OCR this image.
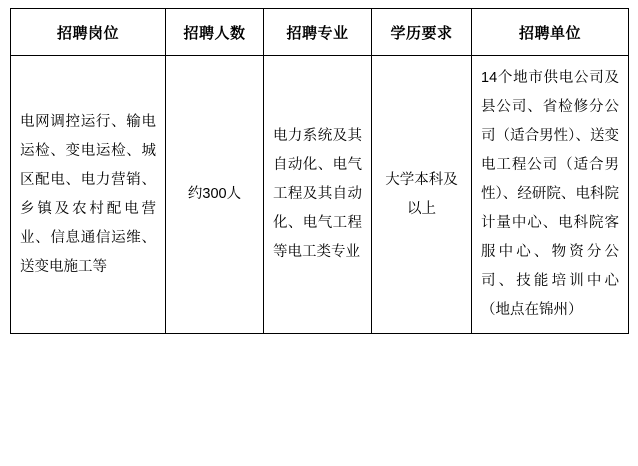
招聘岗位	招聘人数	招聘专业	学历要求	招聘单位

电网调控运行、输电运检、变电运检、城区配电、电力营销、乡镇及农村配电营业、信息通信运维、送变电施工等	约300人	电力系统及其自动化、电气工程及其自动化、电气工程等电工类专业	大学本科及以上	14个地市供电公司及县公司、省检修分公司（适合男性）、送变电工程公司（适合男性）、经研院、电科院计量中心、电科院客服中心、物资分公司、技能培训中心（地点在锦州）
